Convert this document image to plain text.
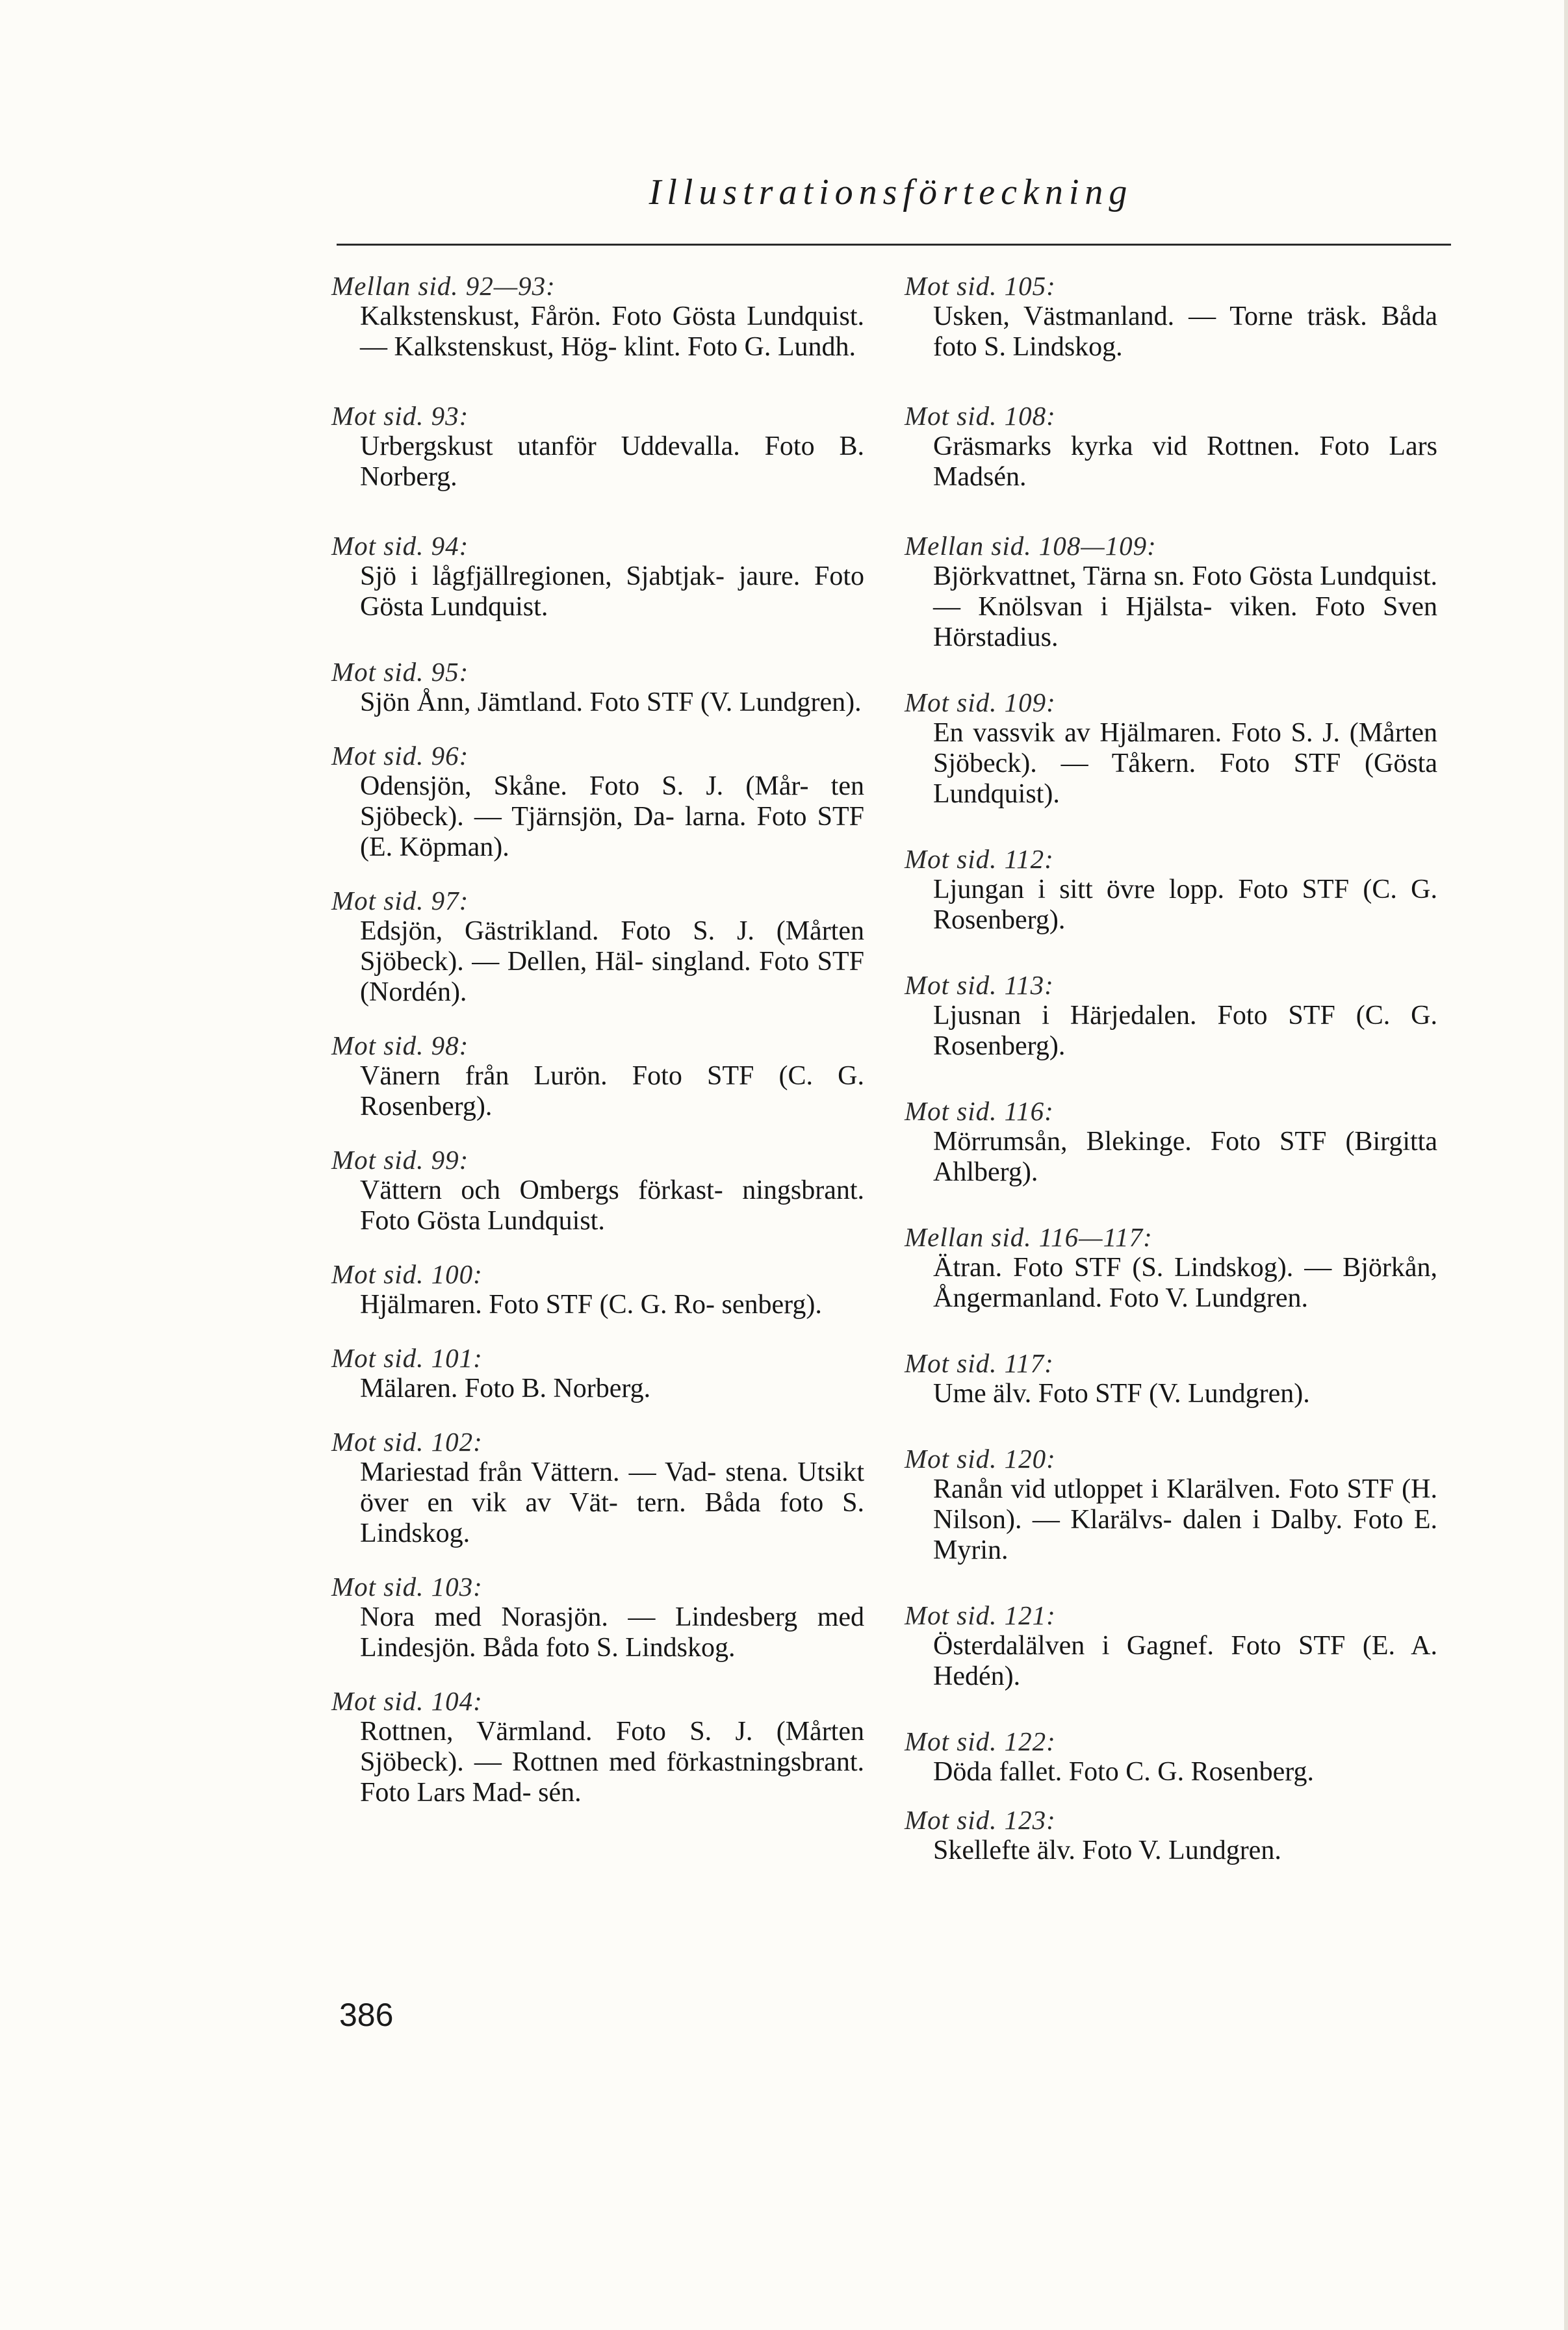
Illustrationsförteckning
Mellan sid. 92—93:
Kalkstenskust, Fårön. Foto Gösta Lundquist. — Kalkstenskust, Hög- klint. Foto G. Lundh.
Mot sid. 93:
Urbergskust utanför Uddevalla. Foto B. Norberg.
Mot sid. 94:
Sjö i lågfjällregionen, Sjabtjak- jaure. Foto Gösta Lundquist.
Mot sid. 95:
Sjön Ånn, Jämtland. Foto STF (V. Lundgren).
Mot sid. 96:
Odensjön, Skåne. Foto S. J. (Mår- ten Sjöbeck). — Tjärnsjön, Da- larna. Foto STF (E. Köpman).
Mot sid. 97:
Edsjön, Gästrikland. Foto S. J. (Mårten Sjöbeck). — Dellen, Häl- singland. Foto STF (Nordén).
Mot sid. 98:
Vänern från Lurön. Foto STF (C. G. Rosenberg).
Mot sid. 99:
Vättern och Ombergs förkast- ningsbrant. Foto Gösta Lundquist.
Mot sid. 100:
Hjälmaren. Foto STF (C. G. Ro- senberg).
Mot sid. 101:
Mälaren. Foto B. Norberg.
Mot sid. 102:
Mariestad från Vättern. — Vad- stena. Utsikt över en vik av Vät- tern. Båda foto S. Lindskog.
Mot sid. 103:
Nora med Norasjön. — Lindesberg med Lindesjön. Båda foto S. Lindskog.
Mot sid. 104:
Rottnen, Värmland. Foto S. J. (Mårten Sjöbeck). — Rottnen med förkastningsbrant. Foto Lars Mad- sén.
Mot sid. 105:
Usken, Västmanland. — Torne träsk. Båda foto S. Lindskog.
Mot sid. 108:
Gräsmarks kyrka vid Rottnen. Foto Lars Madsén.
Mellan sid. 108—109:
Björkvattnet, Tärna sn. Foto Gösta Lundquist. — Knölsvan i Hjälsta- viken. Foto Sven Hörstadius.
Mot sid. 109:
En vassvik av Hjälmaren. Foto S. J. (Mårten Sjöbeck). — Tåkern. Foto STF (Gösta Lundquist).
Mot sid. 112:
Ljungan i sitt övre lopp. Foto STF (C. G. Rosenberg).
Mot sid. 113:
Ljusnan i Härjedalen. Foto STF (C. G. Rosenberg).
Mot sid. 116:
Mörrumsån, Blekinge. Foto STF (Birgitta Ahlberg).
Mellan sid. 116—117:
Ätran. Foto STF (S. Lindskog). — Björkån, Ångermanland. Foto V. Lundgren.
Mot sid. 117:
Ume älv. Foto STF (V. Lundgren).
Mot sid. 120:
Ranån vid utloppet i Klarälven. Foto STF (H. Nilson). — Klarälvs- dalen i Dalby. Foto E. Myrin.
Mot sid. 121:
Österdalälven i Gagnef. Foto STF (E. A. Hedén).
Mot sid. 122:
Döda fallet. Foto C. G. Rosenberg.
Mot sid. 123:
Skellefte älv. Foto V. Lundgren.
386
